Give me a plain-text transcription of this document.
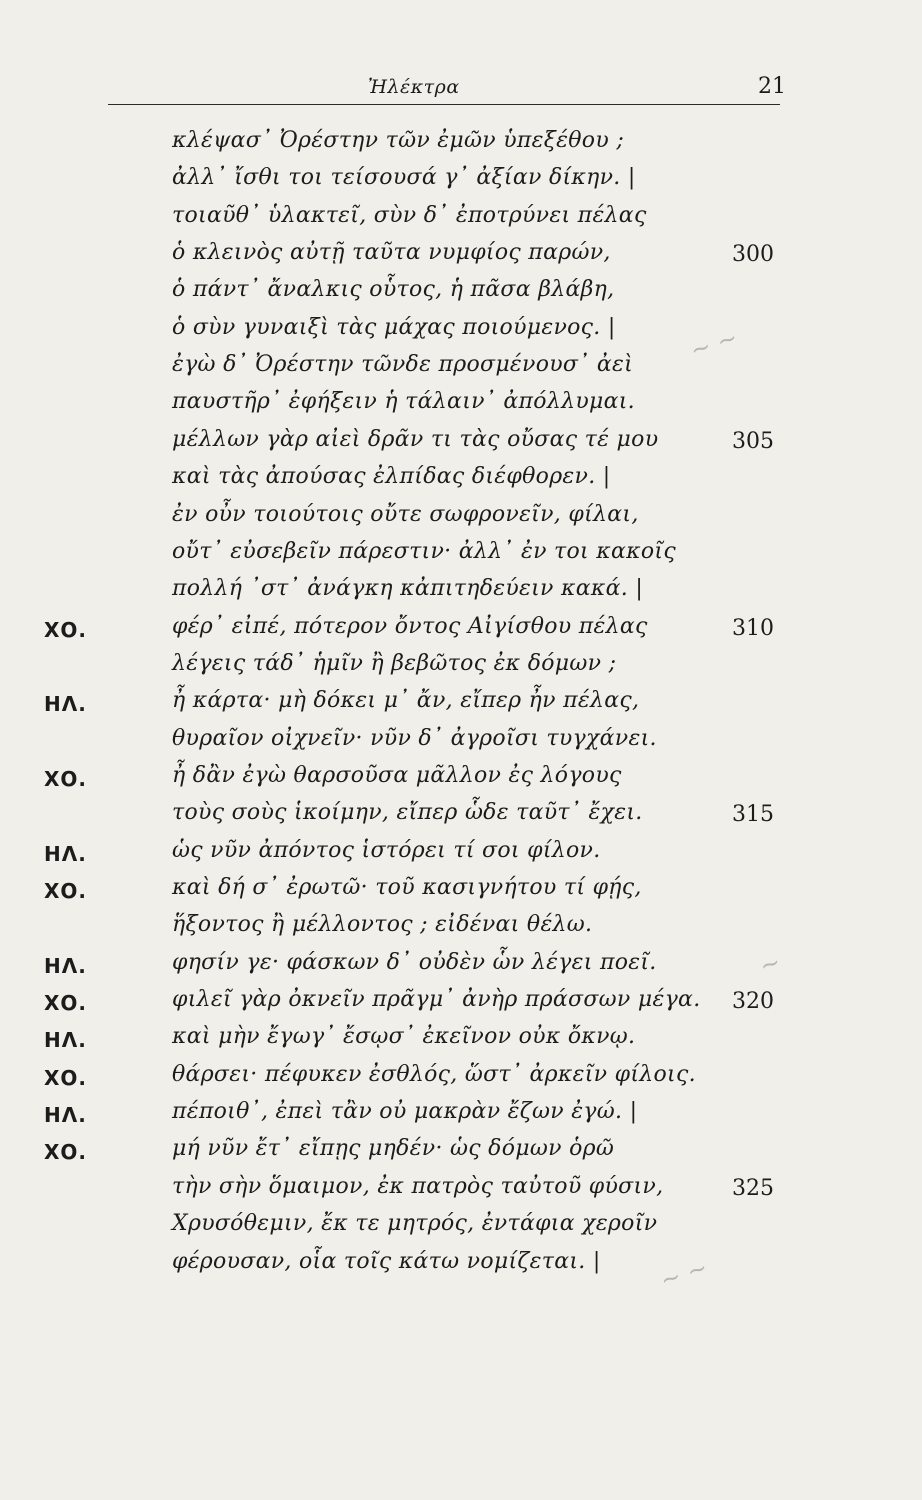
Ἠλέκτρα	21
~ ~
~
~ ~
κλέψασ᾽ Ὀρέστην τῶν ἐμῶν ὑπεξέθου ;
ἀλλ᾽ ἴσθι τοι τείσουσά γ᾽ ἀξίαν δίκην. |
τοιαῦθ᾽ ὑλακτεῖ, σὺν δ᾽ ἐποτρύνει πέλας
ὁ κλεινὸς αὐτῇ ταῦτα νυμφίος παρών,	300
ὁ πάντ᾽ ἄναλκις οὗτος, ἡ πᾶσα βλάβη,
ὁ σὺν γυναιξὶ τὰς μάχας ποιούμενος. |
ἐγὼ δ᾽ Ὀρέστην τῶνδε προσμένουσ᾽ ἀεὶ
παυστῆρ᾽ ἐφήξειν ἡ τάλαιν᾽ ἀπόλλυμαι.
μέλλων γὰρ αἰεὶ δρᾶν τι τὰς οὔσας τέ μου	305
καὶ τὰς ἀπούσας ἐλπίδας διέφθορεν. |
ἐν οὖν τοιούτοις οὔτε σωφρονεῖν, φίλαι,
οὔτ᾽ εὐσεβεῖν πάρεστιν· ἀλλ᾽ ἐν τοι κακοῖς
πολλή ᾽στ᾽ ἀνάγκη κἀπιτηδεύειν κακά. |
ΧΟ.	φέρ᾽ εἰπέ, πότερον ὄντος Αἰγίσθου πέλας	310
λέγεις τάδ᾽ ἡμῖν ἢ βεβῶτος ἐκ δόμων ;
ΗΛ.	ἦ κάρτα· μὴ δόκει μ᾽ ἄν, εἴπερ ἦν πέλας,
θυραῖον οἰχνεῖν· νῦν δ᾽ ἀγροῖσι τυγχάνει.
ΧΟ.	ἦ δἂν ἐγὼ θαρσοῦσα μᾶλλον ἐς λόγους
τοὺς σοὺς ἱκοίμην, εἴπερ ὧδε ταῦτ᾽ ἔχει.	315
ΗΛ.	ὡς νῦν ἀπόντος ἱστόρει τί σοι φίλον.
ΧΟ.	καὶ δή σ᾽ ἐρωτῶ· τοῦ κασιγνήτου τί φῄς,
ἥξοντος ἢ μέλλοντος ; εἰδέναι θέλω.
ΗΛ.	φησίν γε· φάσκων δ᾽ οὐδὲν ὧν λέγει ποεῖ.
ΧΟ.	φιλεῖ γὰρ ὀκνεῖν πρᾶγμ᾽ ἀνὴρ πράσσων μέγα. 320
ΗΛ.	καὶ μὴν ἔγωγ᾽ ἔσῳσ᾽ ἐκεῖνον οὐκ ὄκνῳ.
ΧΟ.	θάρσει· πέφυκεν ἐσθλός, ὥστ᾽ ἀρκεῖν φίλοις.
ΗΛ.	πέποιθ᾽, ἐπεὶ τἂν οὐ μακρὰν ἔζων ἐγώ. |
ΧΟ.	μή νῦν ἔτ᾽ εἴπῃς μηδέν· ὡς δόμων ὁρῶ
τὴν σὴν ὅμαιμον, ἐκ πατρὸς ταὐτοῦ φύσιν,	325
Χρυσόθεμιν, ἔκ τε μητρός, ἐντάφια χεροῖν
φέρουσαν, οἷα τοῖς κάτω νομίζεται. |
